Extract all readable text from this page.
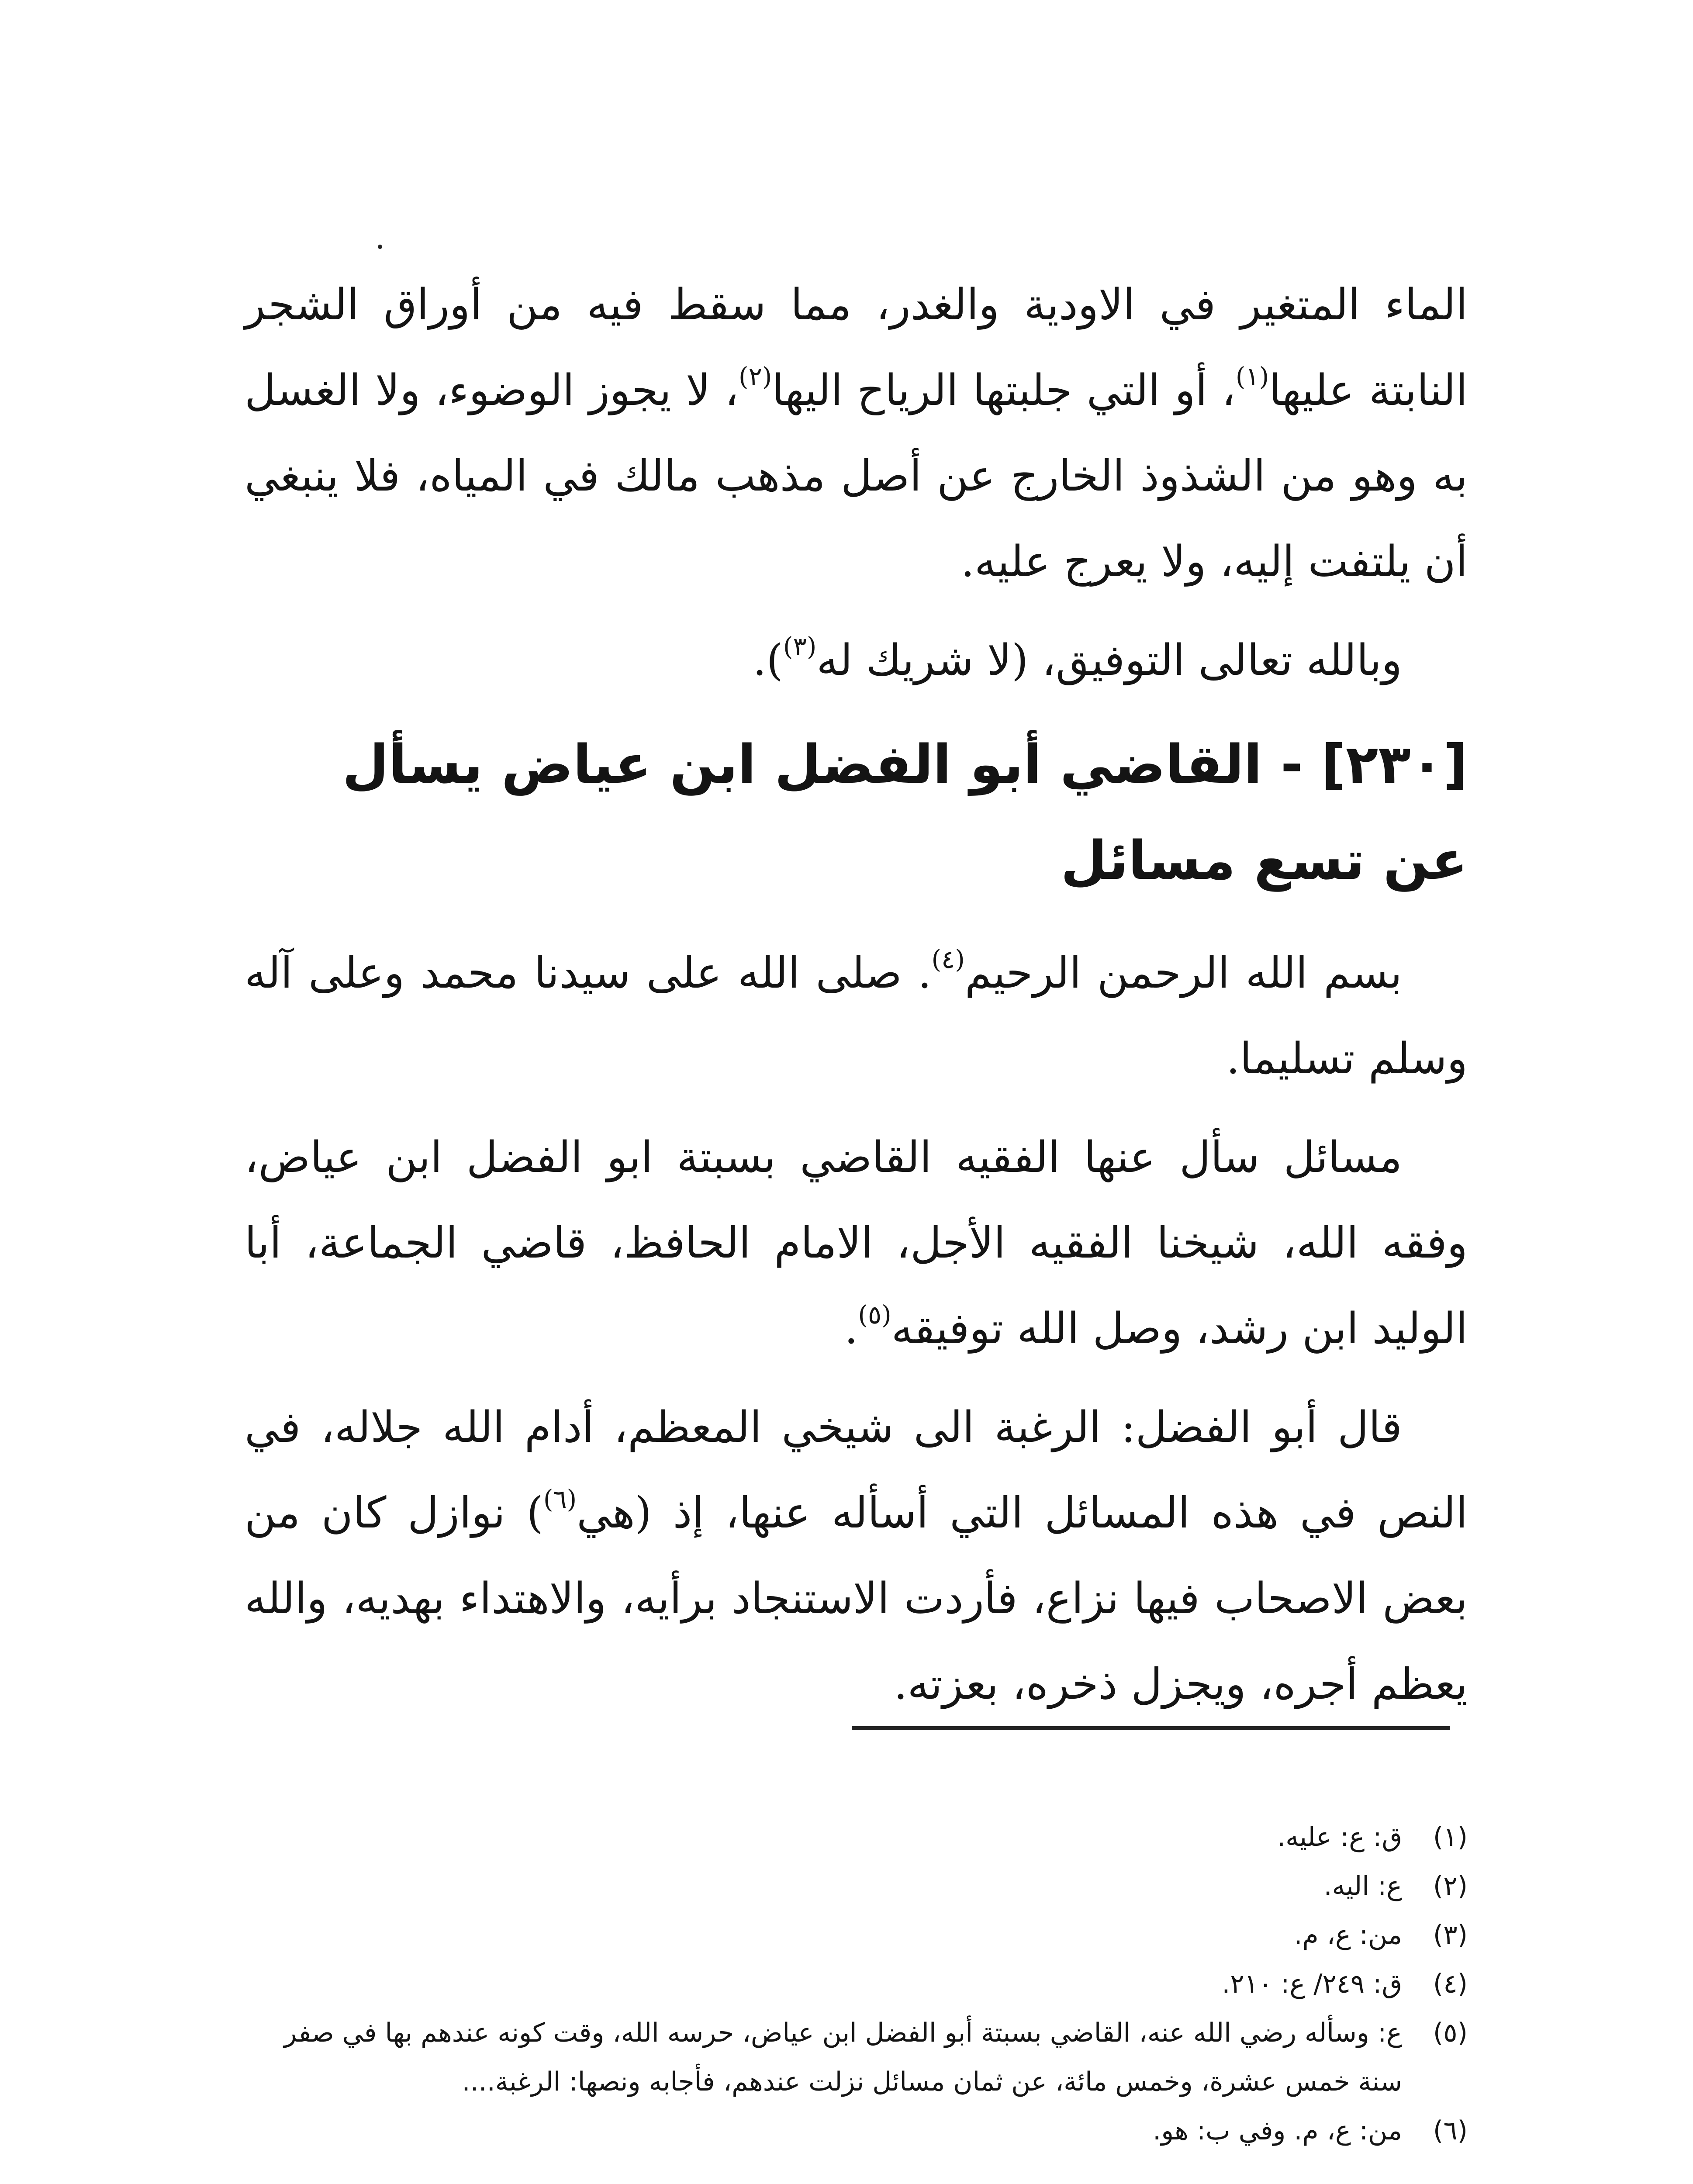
الماء المتغير في الاودية والغدر، مما سقط فيه من أوراق الشجر النابتة عليها$^{(١)}$، أو التي جلبتها الرياح اليها$^{(٢)}$، لا يجوز الوضوء، ولا الغسل به وهو من الشذوذ الخارج عن أصل مذهب مالك في المياه، فلا ينبغي أن يلتفت إليه، ولا يعرج عليه.

وبالله تعالى التوفيق، (لا شريك له$^{(٣)}$).

[٢٣٠] - القاضي أبو الفضل ابن عياض يسأل عن تسع مسائل

بسم الله الرحمن الرحيم$^{(٤)}$. صلى الله على سيدنا محمد وعلى آله وسلم تسليما.

مسائل سأل عنها الفقيه القاضي بسبتة ابو الفضل ابن عياض، وفقه الله، شيخنا الفقيه الأجل، الامام الحافظ، قاضي الجماعة، أبا الوليد ابن رشد، وصل الله توفيقه$^{(٥)}$.

قال أبو الفضل: الرغبة الى شيخي المعظم، أدام الله جلاله، في النص في هذه المسائل التي أسأله عنها، إذ (هي$^{(٦)}$) نوازل كان من بعض الاصحاب فيها نزاع، فأردت الاستنجاد برأيه، والاهتداء بهديه، والله يعظم أجره، ويجزل ذخره، بعزته.

(١)
ق: ع: عليه.
(٢)
ع: اليه.
(٣)
من: ع، م.
(٤)
ق: ٢٤٩/ ع: ٢١٠.
(٥)
ع: وسأله رضي الله عنه، القاضي بسبتة أبو الفضل ابن عياض، حرسه الله، وقت كونه عندهم بها في صفر سنة خمس عشرة، وخمس مائة، عن ثمان مسائل نزلت عندهم، فأجابه ونصها: الرغبة....
(٦)
من: ع، م. وفي ب: هو.
